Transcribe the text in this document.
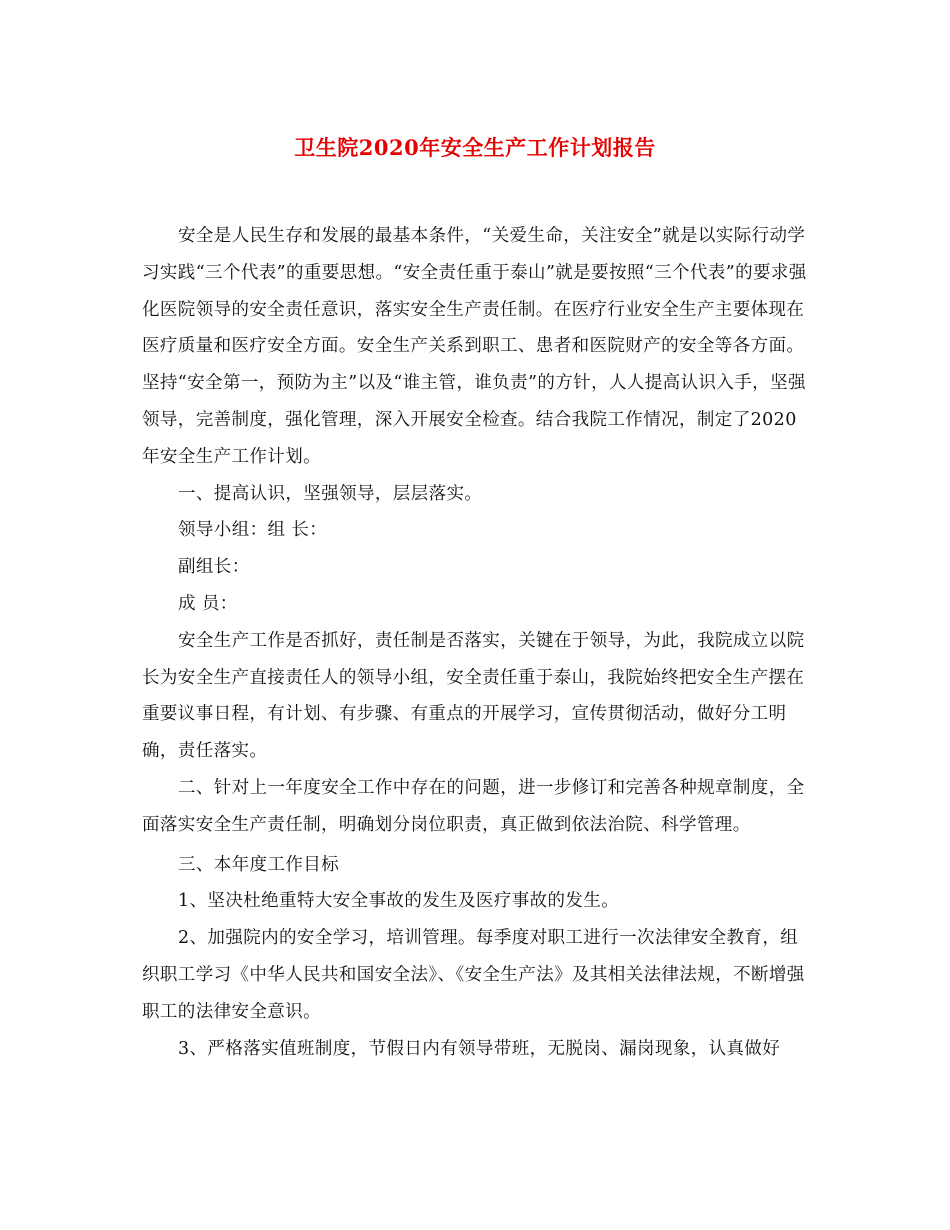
卫生院2020年安全生产工作计划报告

安全是人民生存和发展的最基本条件，“关爱生命，关注安全”就是以实际行动学习实践“三个代表”的重要思想。“安全责任重于泰山”就是要按照“三个代表”的要求强化医院领导的安全责任意识，落实安全生产责任制。在医疗行业安全生产主要体现在医疗质量和医疗安全方面。安全生产关系到职工、患者和医院财产的安全等各方面。坚持“安全第一，预防为主”以及“谁主管，谁负责”的方针，人人提高认识入手，坚强领导，完善制度，强化管理，深入开展安全检查。结合我院工作情况，制定了2020年安全生产工作计划。

一、提高认识，坚强领导，层层落实。

领导小组：组 长：

副组长：

成 员：

安全生产工作是否抓好，责任制是否落实，关键在于领导，为此，我院成立以院长为安全生产直接责任人的领导小组，安全责任重于泰山，我院始终把安全生产摆在重要议事日程，有计划、有步骤、有重点的开展学习，宣传贯彻活动，做好分工明确，责任落实。

二、针对上一年度安全工作中存在的问题，进一步修订和完善各种规章制度，全面落实安全生产责任制，明确划分岗位职责，真正做到依法治院、科学管理。

三、本年度工作目标

1、坚决杜绝重特大安全事故的发生及医疗事故的发生。

2、加强院内的安全学习，培训管理。每季度对职工进行一次法律安全教育，组织职工学习《中华人民共和国安全法》、《安全生产法》及其相关法律法规，不断增强职工的法律安全意识。

3、严格落实值班制度，节假日内有领导带班，无脱岗、漏岗现象，认真做好
